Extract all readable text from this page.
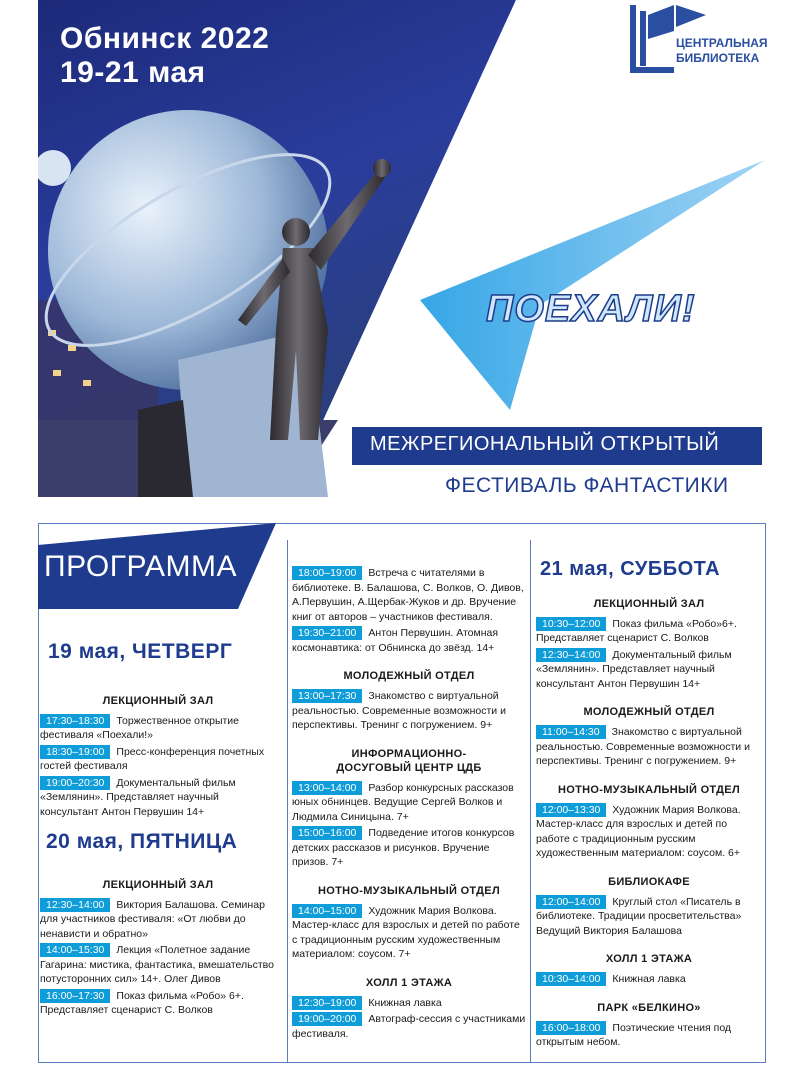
Обнинск 2022
19-21 мая
ЦЕНТРАЛЬНАЯ
БИБЛИОТЕКА
ПОЕХАЛИ!
МЕЖРЕГИОНАЛЬНЫЙ ОТКРЫТЫЙ
ФЕСТИВАЛЬ ФАНТАСТИКИ
ПРОГРАММА
19 мая, ЧЕТВЕРГ
ЛЕКЦИОННЫЙ ЗАЛ
17:30–18:30 Торжественное открытие фестиваля «Поехали!»
18:30–19:00 Пресс-конференция почетных гостей фестиваля
19:00–20:30 Документальный фильм «Землянин». Представляет научный консультант Антон Первушин 14+
20 мая, ПЯТНИЦА
ЛЕКЦИОННЫЙ ЗАЛ
12:30–14:00 Виктория Балашова. Семинар для участников фестиваля: «От любви до ненависти и обратно»
14:00–15:30 Лекция «Полетное задание Гагарина: мистика, фантастика, вмешательство потусторонних сил» 14+. Олег Дивов
16:00–17:30 Показ фильма «Робо» 6+. Представляет сценарист С. Волков
18:00–19:00 Встреча с читателями в библиотеке. В. Балашова, С. Волков, О. Дивов, А.Первушин, А.Щербак-Жуков и др. Вручение книг от авторов – участников фестиваля.
19:30–21:00 Антон Первушин. Атомная космонавтика: от Обнинска до звёзд. 14+
МОЛОДЕЖНЫЙ ОТДЕЛ
13:00–17:30 Знакомство с виртуальной реальностью. Современные возможности и перспективы. Тренинг с погружением. 9+
ИНФОРМАЦИОННО-
ДОСУГОВЫЙ ЦЕНТР ЦДБ
13:00–14:00 Разбор конкурсных рассказов юных обнинцев. Ведущие Сергей Волков и Людмила Синицына. 7+
15:00–16:00 Подведение итогов конкурсов детских рассказов и рисунков. Вручение призов. 7+
НОТНО-МУЗЫКАЛЬНЫЙ ОТДЕЛ
14:00–15:00 Художник Мария Волкова. Мастер-класс для взрослых и детей по работе с традиционным русским художественным материалом: соусом. 7+
ХОЛЛ 1 ЭТАЖА
12:30–19:00 Книжная лавка
19:00–20:00 Автограф-сессия с участниками фестиваля.
21 мая, СУББОТА
ЛЕКЦИОННЫЙ ЗАЛ
10:30–12:00 Показ фильма «Робо»6+. Представляет сценарист С. Волков
12:30–14:00 Документальный фильм «Землянин». Представляет научный консультант Антон Первушин 14+
МОЛОДЕЖНЫЙ ОТДЕЛ
11:00–14:30 Знакомство с виртуальной реальностью. Современные возможности и перспективы. Тренинг с погружением. 9+
НОТНО-МУЗЫКАЛЬНЫЙ ОТДЕЛ
12:00–13:30 Художник Мария Волкова. Мастер-класс для взрослых и детей по работе с традиционным русским художественным материалом: соусом. 6+
БИБЛИОКАФЕ
12:00–14:00 Круглый стол «Писатель в библиотеке. Традиции просветительства» Ведущий Виктория Балашова
ХОЛЛ 1 ЭТАЖА
10:30–14:00 Книжная лавка
ПАРК «БЕЛКИНО»
16:00–18:00 Поэтические чтения под открытым небом.
